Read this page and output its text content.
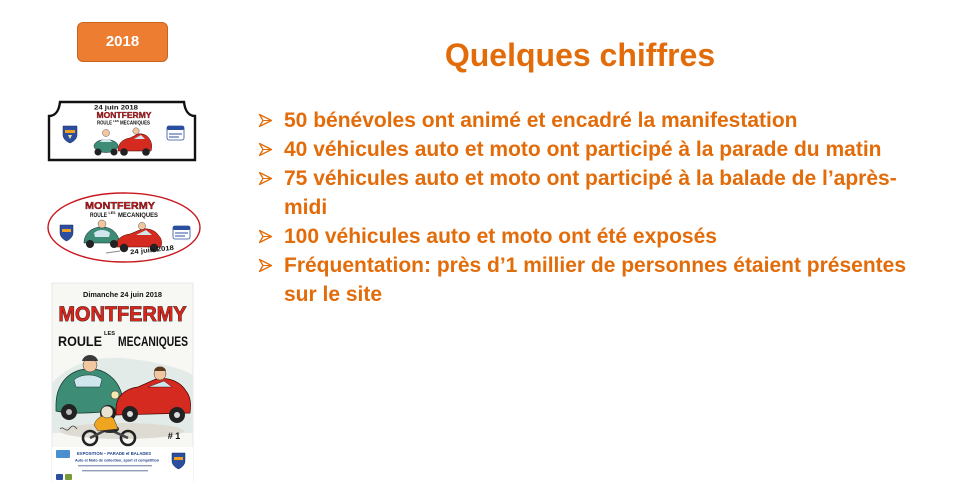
2018	Quelques chiffres
50 bénévoles ont animé et encadré la manifestation
40 véhicules auto et moto ont participé à la parade du matin
75 véhicules auto et moto ont participé à la balade de l’après-midi
100 véhicules auto et moto ont été exposés
Fréquentation: près d’1 millier de personnes étaient présentes sur le site
24 juin 2018
MONTFERMY
ROULE LES MECANIQUES
MONTFERMY
ROULE LES MECANIQUES
24 juin 2018
Dimanche 24 juin 2018
MONTFERMY
ROULE LES MECANIQUES
# 1
EXPOSITION – PARADE et BALADES
Auto et Moto de collection, sport et compétition
